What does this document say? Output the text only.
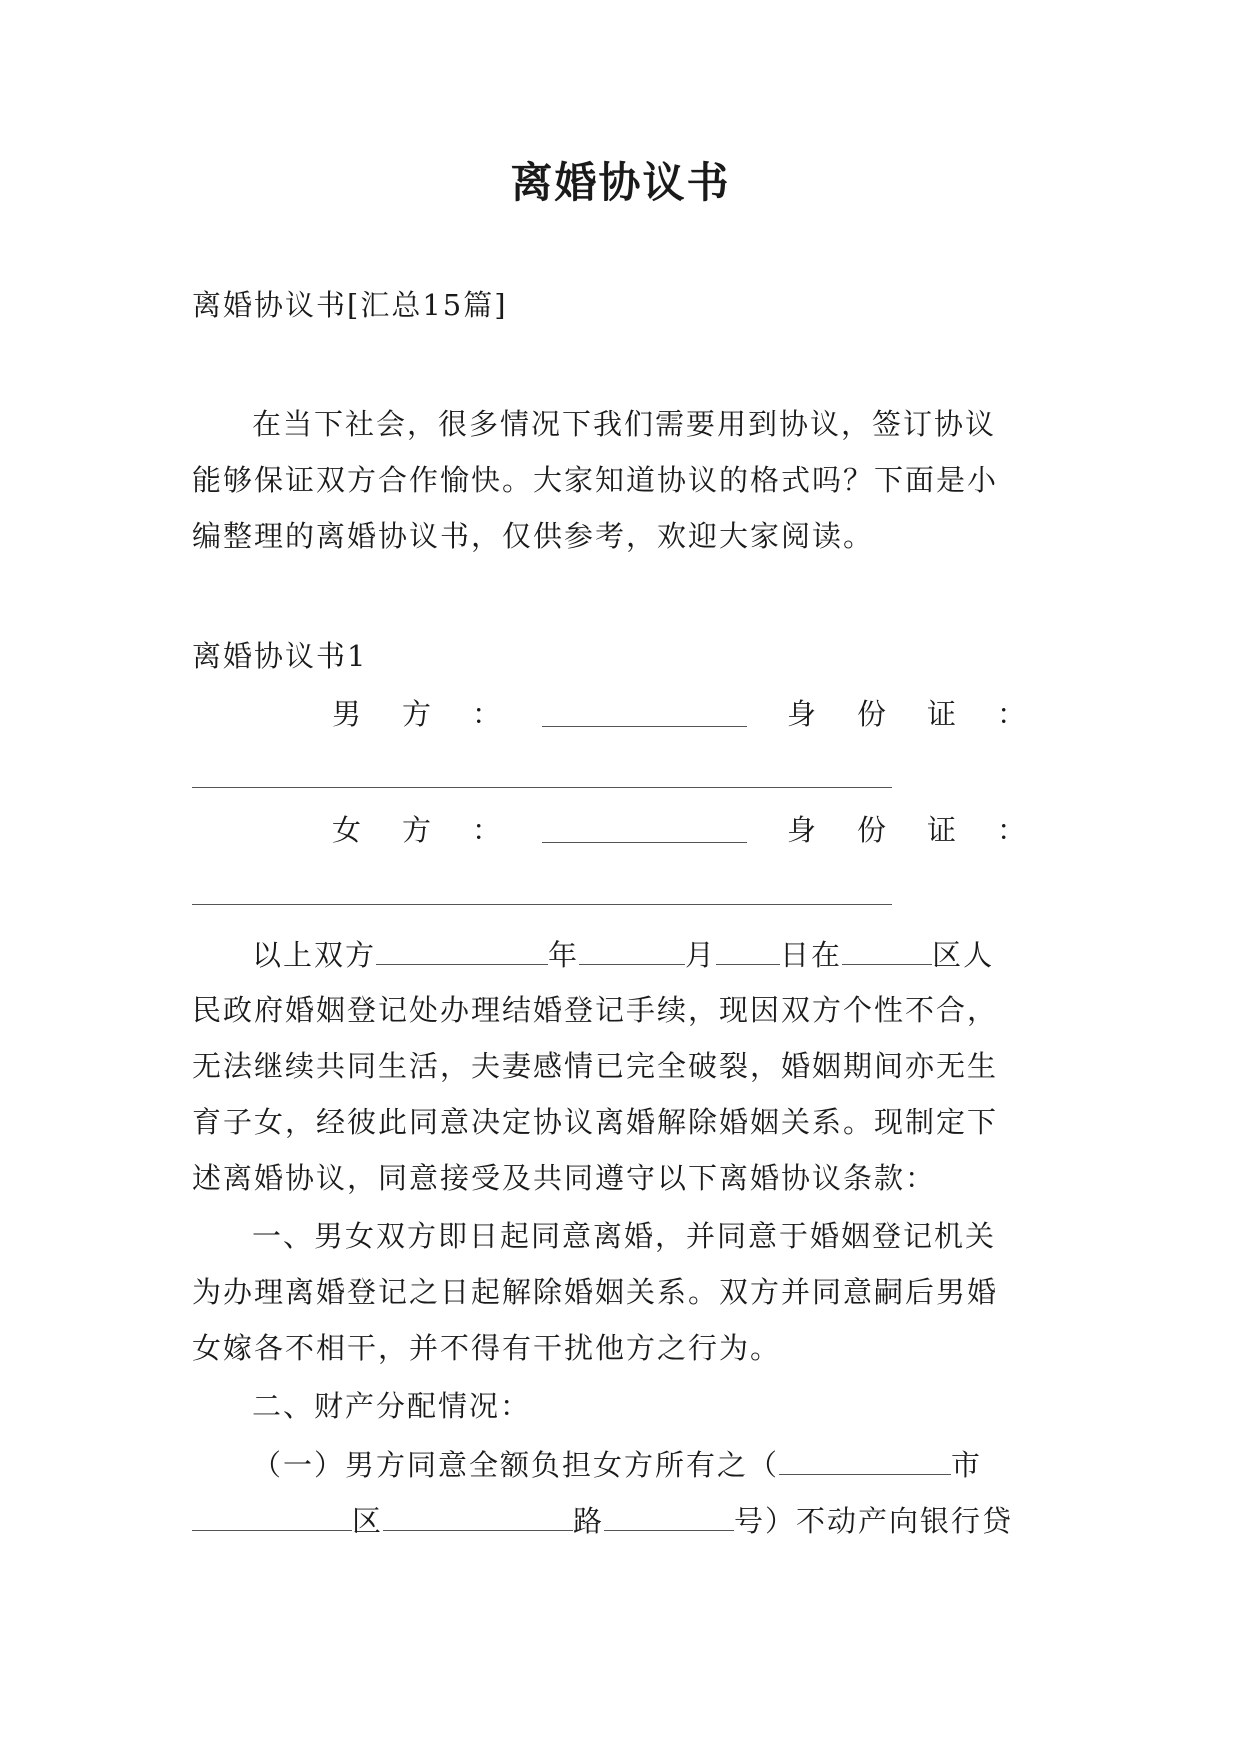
离婚协议书
离婚协议书[汇总15篇]
在当下社会，很多情况下我们需要用到协议，签订协议
能够保证双方合作愉快。大家知道协议的格式吗？下面是小
编整理的离婚协议书，仅供参考，欢迎大家阅读。
离婚协议书1
男 方 ：	身 份 证 ：
女 方 ：	身 份 证 ：
以上双方	年	月 日在	区人
民政府婚姻登记处办理结婚登记手续，现因双方个性不合，
无法继续共同生活，夫妻感情已完全破裂，婚姻期间亦无生
育子女，经彼此同意决定协议离婚解除婚姻关系。现制定下
述离婚协议，同意接受及共同遵守以下离婚协议条款：
一、男女双方即日起同意离婚，并同意于婚姻登记机关
为办理离婚登记之日起解除婚姻关系。双方并同意嗣后男婚
女嫁各不相干，并不得有干扰他方之行为。
二、财产分配情况：
（一）男方同意全额负担女方所有之（	市
区	路	号）不动产向银行贷
